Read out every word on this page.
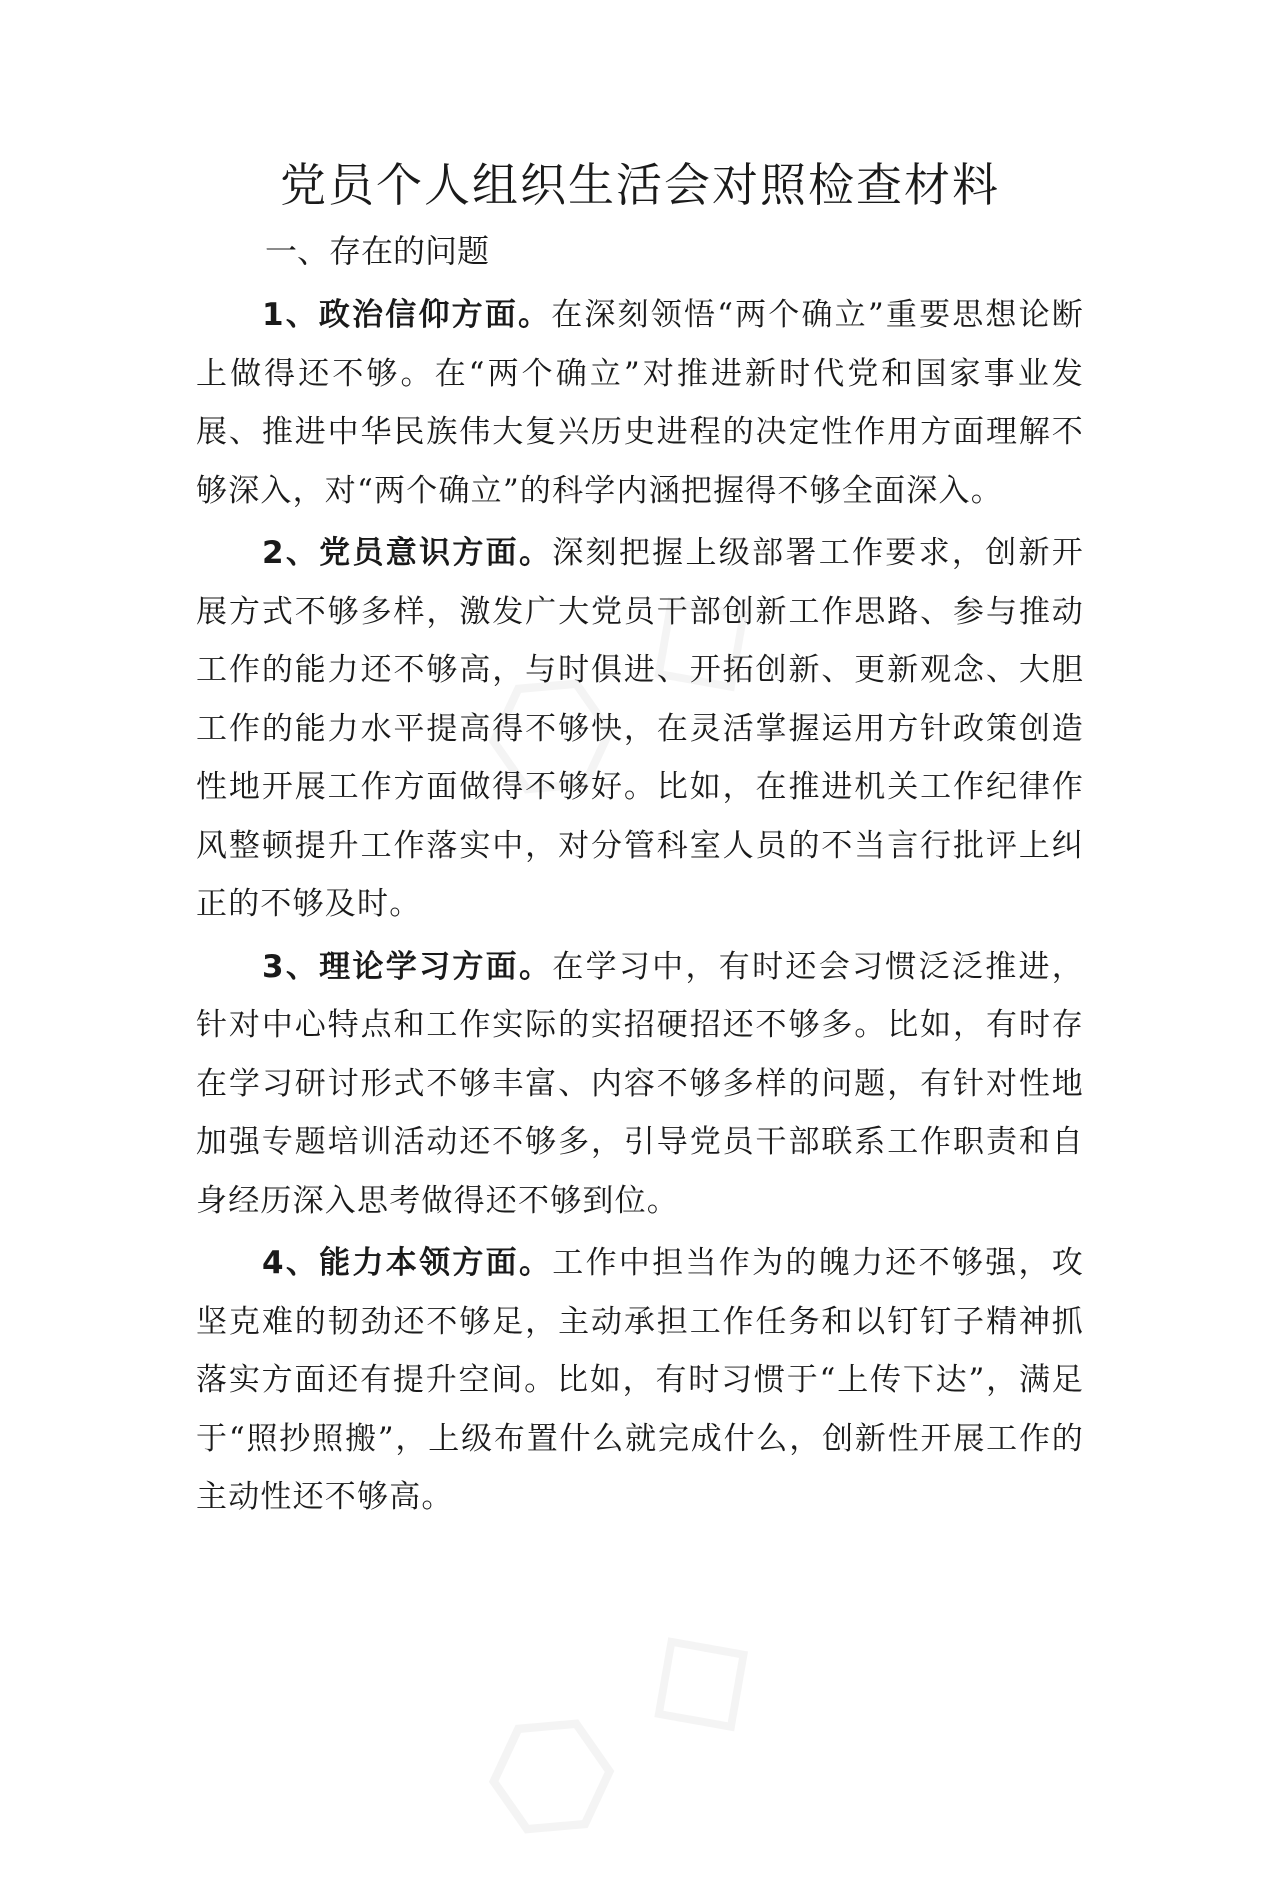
党员个人组织生活会对照检查材料
一、存在的问题

1、政治信仰方面。在深刻领悟“两个确立”重要思想论断上做得还不够。在“两个确立”对推进新时代党和国家事业发展、推进中华民族伟大复兴历史进程的决定性作用方面理解不够深入，对“两个确立”的科学内涵把握得不够全面深入。

2、党员意识方面。深刻把握上级部署工作要求，创新开展方式不够多样，激发广大党员干部创新工作思路、参与推动工作的能力还不够高，与时俱进、开拓创新、更新观念、大胆工作的能力水平提高得不够快，在灵活掌握运用方针政策创造性地开展工作方面做得不够好。比如，在推进机关工作纪律作风整顿提升工作落实中，对分管科室人员的不当言行批评上纠正的不够及时。

3、理论学习方面。在学习中，有时还会习惯泛泛推进，针对中心特点和工作实际的实招硬招还不够多。比如，有时存在学习研讨形式不够丰富、内容不够多样的问题，有针对性地加强专题培训活动还不够多，引导党员干部联系工作职责和自身经历深入思考做得还不够到位。

4、能力本领方面。工作中担当作为的魄力还不够强，攻坚克难的韧劲还不够足，主动承担工作任务和以钉钉子精神抓落实方面还有提升空间。比如，有时习惯于“上传下达”，满足于“照抄照搬”，上级布置什么就完成什么，创新性开展工作的主动性还不够高。
